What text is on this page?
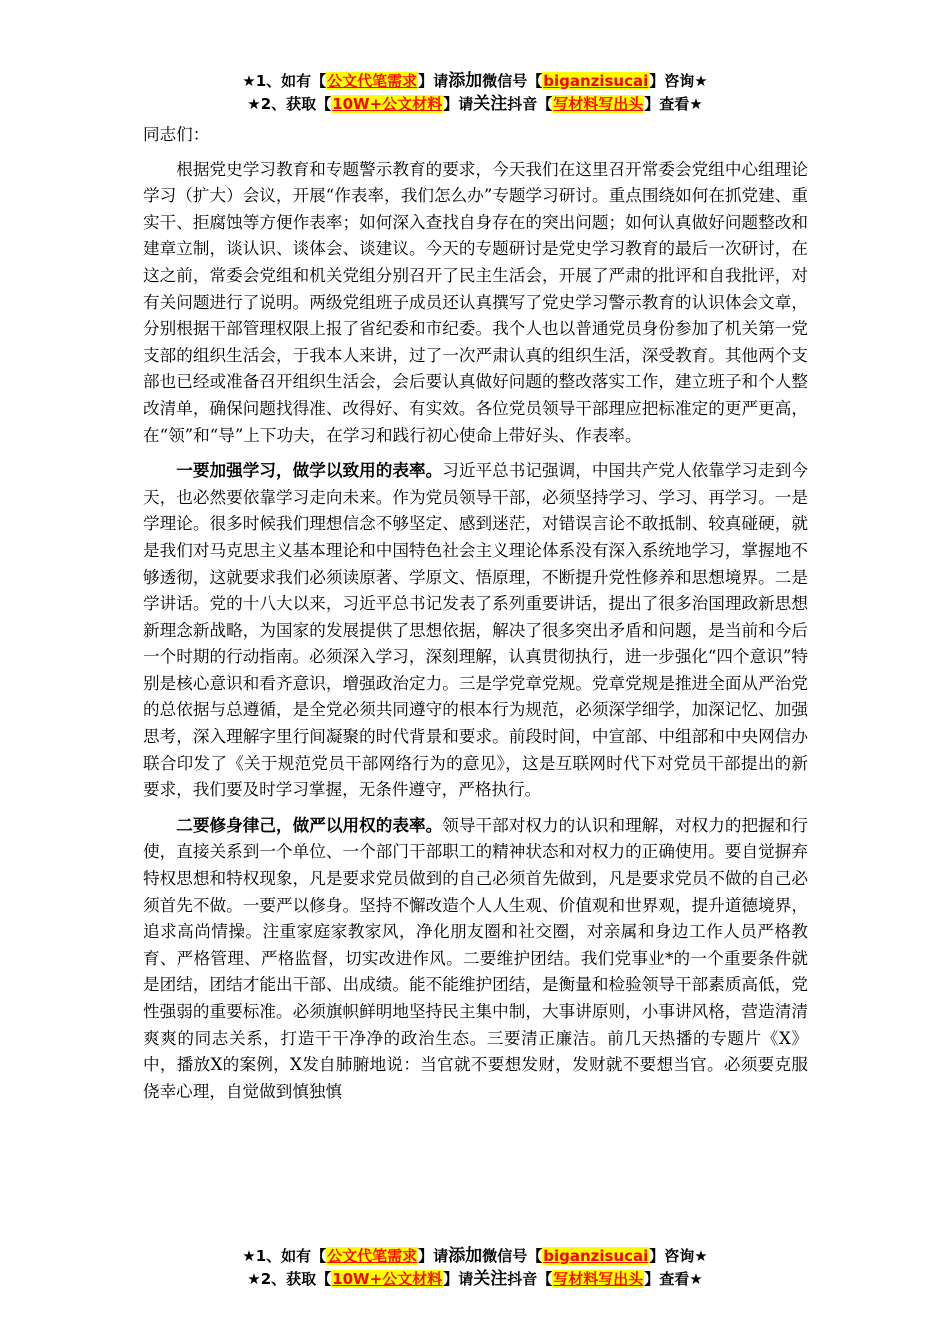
★1、如有【公文代笔需求】请添加微信号【biganzisucai】咨询★
★2、获取【10W+公文材料】请关注抖音【写材料写出头】查看★
同志们：

根据党史学习教育和专题警示教育的要求，今天我们在这里召开常委会党组中心组理论学习（扩大）会议，开展“作表率，我们怎么办”专题学习研讨。重点围绕如何在抓党建、重实干、拒腐蚀等方便作表率；如何深入查找自身存在的突出问题；如何认真做好问题整改和建章立制，谈认识、谈体会、谈建议。今天的专题研讨是党史学习教育的最后一次研讨，在这之前，常委会党组和机关党组分别召开了民主生活会，开展了严肃的批评和自我批评，对有关问题进行了说明。两级党组班子成员还认真撰写了党史学习警示教育的认识体会文章，分别根据干部管理权限上报了省纪委和市纪委。我个人也以普通党员身份参加了机关第一党支部的组织生活会，于我本人来讲，过了一次严肃认真的组织生活，深受教育。其他两个支部也已经或准备召开组织生活会，会后要认真做好问题的整改落实工作，建立班子和个人整改清单，确保问题找得准、改得好、有实效。各位党员领导干部理应把标准定的更严更高，在“领”和“导”上下功夫，在学习和践行初心使命上带好头、作表率。

一要加强学习，做学以致用的表率。习近平总书记强调，中国共产党人依靠学习走到今天，也必然要依靠学习走向未来。作为党员领导干部，必须坚持学习、学习、再学习。一是学理论。很多时候我们理想信念不够坚定、感到迷茫，对错误言论不敢抵制、较真碰硬，就是我们对马克思主义基本理论和中国特色社会主义理论体系没有深入系统地学习，掌握地不够透彻，这就要求我们必须读原著、学原文、悟原理，不断提升党性修养和思想境界。二是学讲话。党的十八大以来，习近平总书记发表了系列重要讲话，提出了很多治国理政新思想新理念新战略，为国家的发展提供了思想依据，解决了很多突出矛盾和问题，是当前和今后一个时期的行动指南。必须深入学习，深刻理解，认真贯彻执行，进一步强化“四个意识”特别是核心意识和看齐意识，增强政治定力。三是学党章党规。党章党规是推进全面从严治党的总依据与总遵循，是全党必须共同遵守的根本行为规范，必须深学细学，加深记忆、加强思考，深入理解字里行间凝聚的时代背景和要求。前段时间，中宣部、中组部和中央网信办联合印发了《关于规范党员干部网络行为的意见》，这是互联网时代下对党员干部提出的新要求，我们要及时学习掌握，无条件遵守，严格执行。

二要修身律己，做严以用权的表率。领导干部对权力的认识和理解，对权力的把握和行使，直接关系到一个单位、一个部门干部职工的精神状态和对权力的正确使用。要自觉摒弃特权思想和特权现象，凡是要求党员做到的自己必须首先做到，凡是要求党员不做的自己必须首先不做。一要严以修身。坚持不懈改造个人人生观、价值观和世界观，提升道德境界，追求高尚情操。注重家庭家教家风，净化朋友圈和社交圈，对亲属和身边工作人员严格教育、严格管理、严格监督，切实改进作风。二要维护团结。我们党事业*的一个重要条件就是团结，团结才能出干部、出成绩。能不能维护团结，是衡量和检验领导干部素质高低，党性强弱的重要标准。必须旗帜鲜明地坚持民主集中制，大事讲原则，小事讲风格，营造清清爽爽的同志关系，打造干干净净的政治生态。三要清正廉洁。前几天热播的专题片《X》中，播放X的案例，X发自肺腑地说：当官就不要想发财，发财就不要想当官。必须要克服侥幸心理，自觉做到慎独慎

★1、如有【公文代笔需求】请添加微信号【biganzisucai】咨询★
★2、获取【10W+公文材料】请关注抖音【写材料写出头】查看★
